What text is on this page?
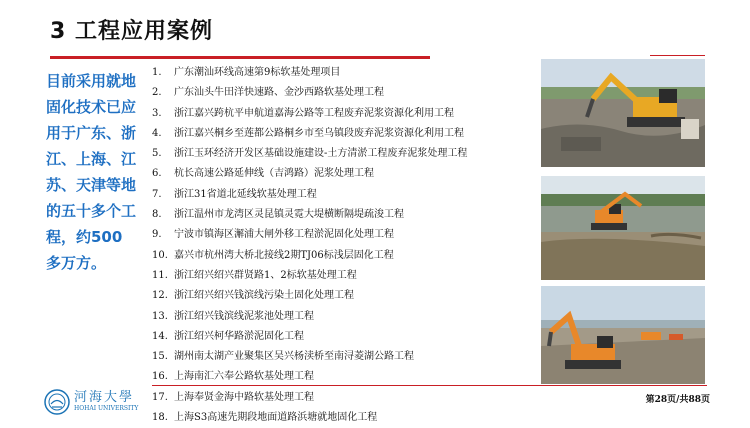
3 工程应用案例

目前采用就地固化技术已应用于广东、浙江、上海、江苏、天津等地的五十多个工程，约500多万方。

1.	广东潮汕环线高速第9标软基处理项目
2.	广东汕头牛田洋快速路、金沙西路软基处理工程
3.	浙江嘉兴跨杭平申航道嘉海公路等工程废弃泥浆资源化利用工程
4.	浙江嘉兴桐乡至莲都公路桐乡市至乌镇段废弃泥浆资源化利用工程
5.	浙江玉环经济开发区基础设施建设-土方清淤工程废弃泥浆处理工程
6.	杭长高速公路延伸线（吉鸿路）泥浆处理工程
7.	浙江31省道北延线软基处理工程
8.	浙江温州市龙湾区灵昆镇灵霓大堤横断隔堤疏浚工程
9.	宁波市镇海区澥浦大闸外移工程淤泥固化处理工程
10. 嘉兴市杭州湾大桥北接线2期TJ06标浅层固化工程
11. 浙江绍兴绍兴群贤路1、2标软基处理工程
12. 浙江绍兴绍兴钱滨线污染土固化处理工程
13. 浙江绍兴钱滨线泥浆池处理工程
14. 浙江绍兴柯华路淤泥固化工程
15. 湖州南太湖产业聚集区吴兴杨渎桥至南浔菱湖公路工程
16. 上海南汇六奉公路软基处理工程
17. 上海奉贤金海中路软基处理工程
18. 上海S3高速先期段地面道路浜塘就地固化工程
河海大學
HOHAI UNIVERSITY
第28页/共88页
